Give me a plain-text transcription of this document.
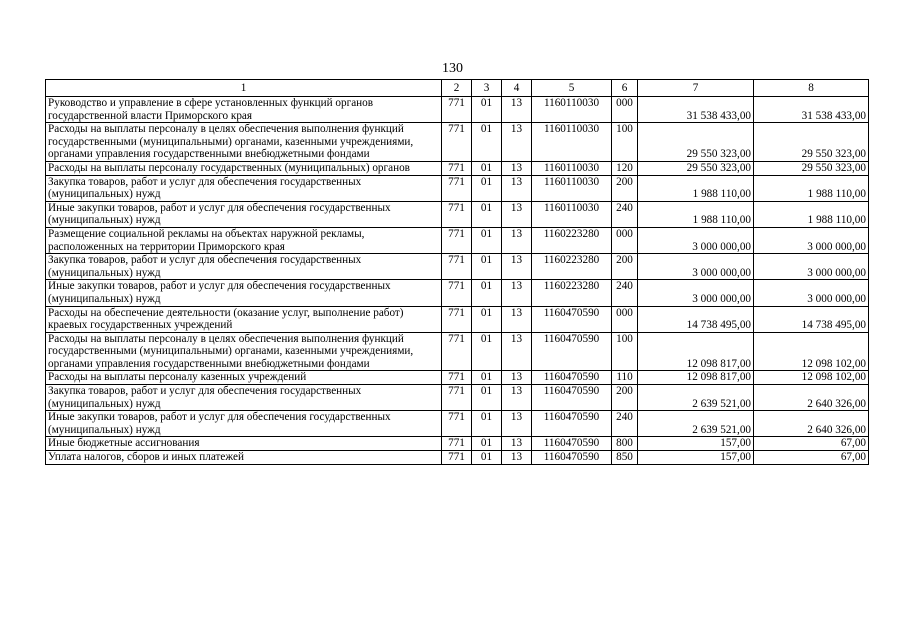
130
1	2	3	4	5	6	7	8
Руководство и управление в сфере установленных функций органов государственной власти Приморского края	771	01	13	1160110030	000	31 538 433,00	31 538 433,00
Расходы на выплаты персоналу в целях обеспечения выполнения функций государственными (муниципальными) органами, казенными учреждениями, органами управления государственными внебюджетными фондами	771	01	13	1160110030	100	29 550 323,00	29 550 323,00
Расходы на выплаты персоналу государственных (муниципальных) органов	771	01	13	1160110030	120	29 550 323,00	29 550 323,00
Закупка товаров, работ и услуг для обеспечения государственных (муниципальных) нужд	771	01	13	1160110030	200	1 988 110,00	1 988 110,00
Иные закупки товаров, работ и услуг для обеспечения государственных (муниципальных) нужд	771	01	13	1160110030	240	1 988 110,00	1 988 110,00
Размещение социальной рекламы на объектах наружной рекламы, расположенных на территории Приморского края	771	01	13	1160223280	000	3 000 000,00	3 000 000,00
Закупка товаров, работ и услуг для обеспечения государственных (муниципальных) нужд	771	01	13	1160223280	200	3 000 000,00	3 000 000,00
Иные закупки товаров, работ и услуг для обеспечения государственных (муниципальных) нужд	771	01	13	1160223280	240	3 000 000,00	3 000 000,00
Расходы на обеспечение деятельности (оказание услуг, выполнение работ) краевых государственных учреждений	771	01	13	1160470590	000	14 738 495,00	14 738 495,00
Расходы на выплаты персоналу в целях обеспечения выполнения функций государственными (муниципальными) органами, казенными учреждениями, органами управления государственными внебюджетными фондами	771	01	13	1160470590	100	12 098 817,00	12 098 102,00
Расходы на выплаты персоналу казенных учреждений	771	01	13	1160470590	110	12 098 817,00	12 098 102,00
Закупка товаров, работ и услуг для обеспечения государственных (муниципальных) нужд	771	01	13	1160470590	200	2 639 521,00	2 640 326,00
Иные закупки товаров, работ и услуг для обеспечения государственных (муниципальных) нужд	771	01	13	1160470590	240	2 639 521,00	2 640 326,00
Иные бюджетные ассигнования	771	01	13	1160470590	800	157,00	67,00
Уплата налогов, сборов и иных платежей	771	01	13	1160470590	850	157,00	67,00
